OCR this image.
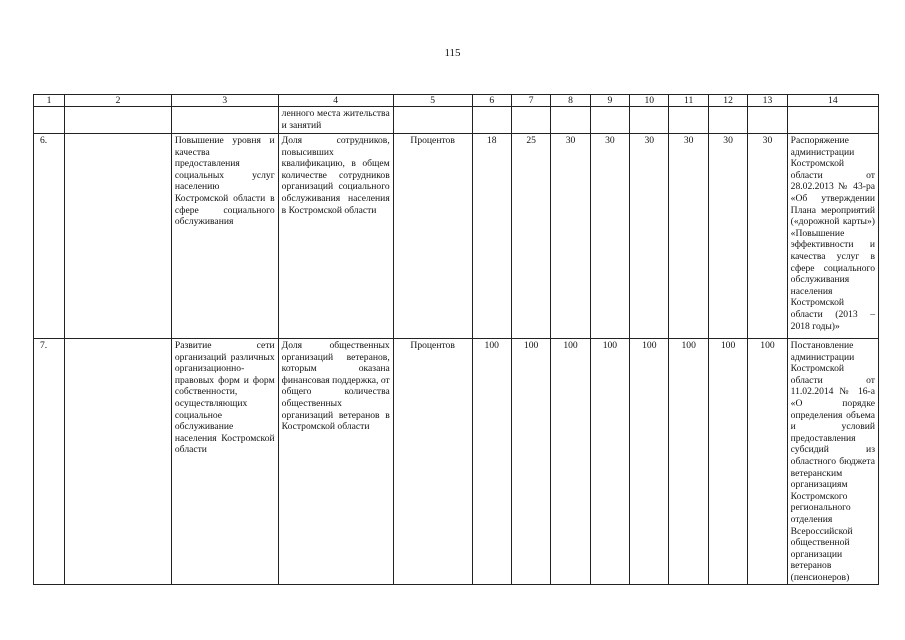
115
1	2	3	4	5	6	7	8	9	10	11	12	13	14
			ленного места жительства и занятий										
6.		Повышение уровня и качества предоставления социальных услуг населению Костромской области в сфере социального обслуживания	Доля сотрудников, повысивших квалификацию, в общем количестве сотрудников организаций социального обслуживания населения в Костромской области	Процентов	18	25	30	30	30	30	30	30	Распоряжение администрации Костромской области от 28.02.2013 № 43-ра «Об утверждении Плана мероприятий («дорожной карты») «Повышение эффективности и качества услуг в сфере социального обслуживания населения Костромской области (2013 – 2018 годы)»
7.		Развитие сети организаций различных организационно-правовых форм и форм собственности, осуществляющих социальное обслуживание населения Костромской области	Доля общественных организаций ветеранов, которым оказана финансовая поддержка, от общего количества общественных организаций ветеранов в Костромской области	Процентов	100	100	100	100	100	100	100	100	Постановление администрации Костромской области от 11.02.2014 № 16-а «О порядке определения объема и условий предоставления субсидий из областного бюджета ветеранским организациям Костромского регионального отделения Всероссийской общественной организации ветеранов (пенсионеров)
